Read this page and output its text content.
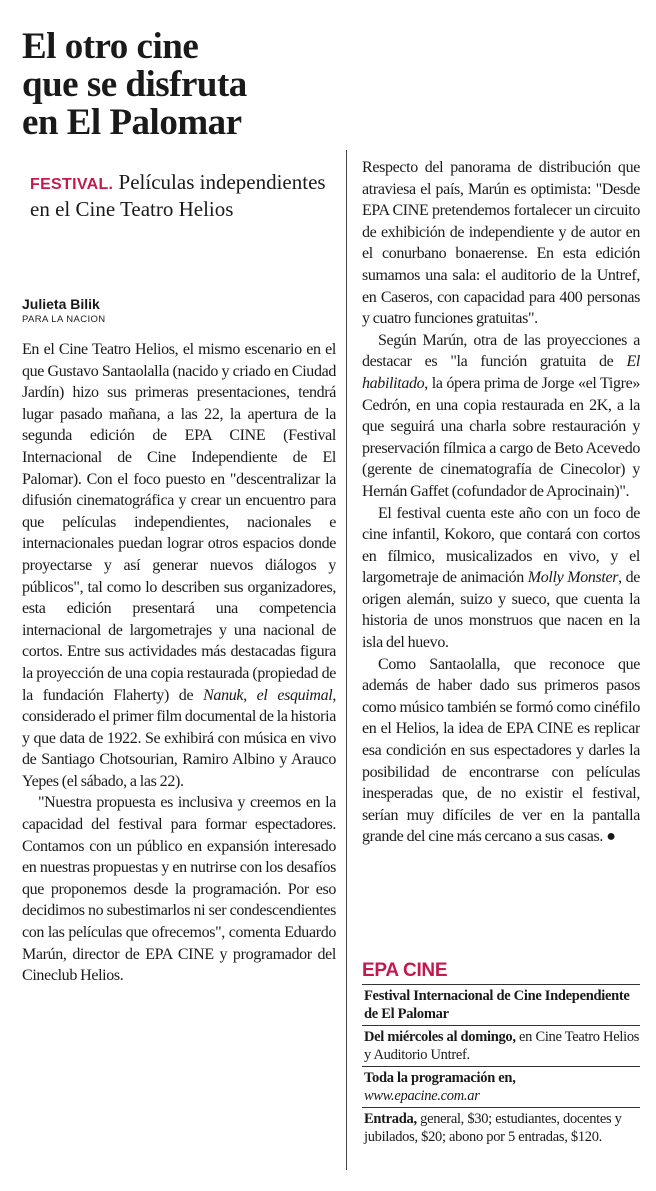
El otro cine
que se disfruta
en El Palomar

FESTIVAL. Películas independientes en el Cine Teatro Helios

Julieta Bilik
PARA LA NACION

En el Cine Teatro Helios, el mismo escenario en el que Gustavo Santaolalla (nacido y criado en Ciudad Jardín) hizo sus primeras presentaciones, tendrá lugar pasado mañana, a las 22, la apertura de la segunda edición de EPA CINE (Festival Internacional de Cine Independiente de El Palomar). Con el foco puesto en "descentralizar la difusión cinematográfica y crear un encuentro para que películas independientes, nacionales e internacionales puedan lograr otros espacios donde proyectarse y así generar nuevos diálogos y públicos", tal como lo describen sus organizadores, esta edición presentará una competencia internacional de largometrajes y una nacional de cortos. Entre sus actividades más destacadas figura la proyección de una copia restaurada (propiedad de la fundación Flaherty) de Nanuk, el esquimal, considerado el primer film documental de la historia y que data de 1922. Se exhibirá con música en vivo de Santiago Chotsourian, Ramiro Albino y Arauco Yepes (el sábado, a las 22).

"Nuestra propuesta es inclusiva y creemos en la capacidad del festival para formar espectadores. Contamos con un público en expansión interesado en nuestras propuestas y en nutrirse con los desafíos que proponemos desde la programación. Por eso decidimos no subestimarlos ni ser condescendientes con las películas que ofrecemos", comenta Eduardo Marún, director de EPA CINE y programador del Cineclub Helios.

Respecto del panorama de distribución que atraviesa el país, Marún es optimista: "Desde EPA CINE pretendemos fortalecer un circuito de exhibición de independiente y de autor en el conurbano bonaerense. En esta edición sumamos una sala: el auditorio de la Untref, en Caseros, con capacidad para 400 personas y cuatro funciones gratuitas".

Según Marún, otra de las proyecciones a destacar es "la función gratuita de El habilitado, la ópera prima de Jorge «el Tigre» Cedrón, en una copia restaurada en 2K, a la que seguirá una charla sobre restauración y preservación fílmica a cargo de Beto Acevedo (gerente de cinematografía de Cinecolor) y Hernán Gaffet (cofundador de Aprocinain)".

El festival cuenta este año con un foco de cine infantil, Kokoro, que contará con cortos en fílmico, musicalizados en vivo, y el largometraje de animación Molly Monster, de origen alemán, suizo y sueco, que cuenta la historia de unos monstruos que nacen en la isla del huevo.

Como Santaolalla, que reconoce que además de haber dado sus primeros pasos como músico también se formó como cinéfilo en el Helios, la idea de EPA CINE es replicar esa condición en sus espectadores y darles la posibilidad de encontrarse con películas inesperadas que, de no existir el festival, serían muy difíciles de ver en la pantalla grande del cine más cercano a sus casas. ●

EPA CINE
Festival Internacional de Cine Independiente de El Palomar
Del miércoles al domingo, en Cine Teatro Helios y Auditorio Untref.
Toda la programación en,
www.epacine.com.ar
Entrada, general, $30; estudiantes, docentes y jubilados, $20; abono por 5 entradas, $120.
